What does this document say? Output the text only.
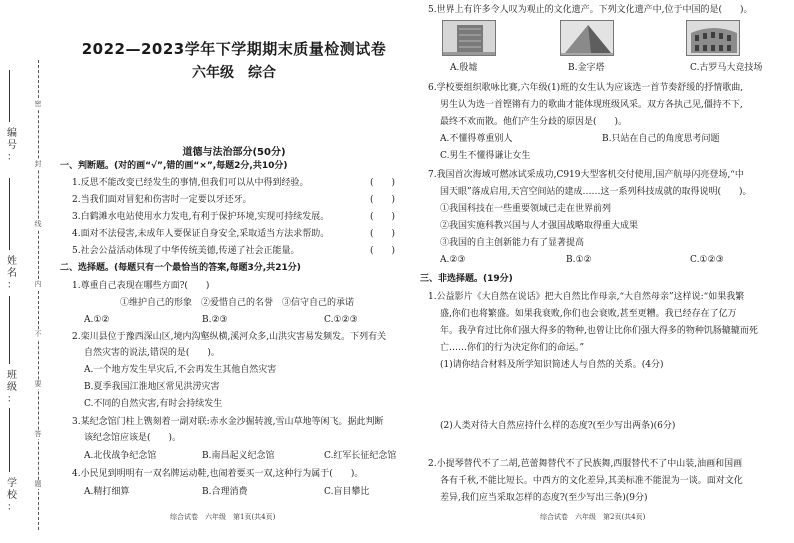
编
号
：
姓
名
：
班
级
：
学
校
：
密
封
线
内
不
要
答
题
2022—2023学年下学期期末质量检测试卷
六年级　综合
道德与法治部分(50分)
一、判断题。(对的画“√”,错的画“×”,每题2分,共10分)
1.反思不能改变已经发生的事情,但我们可以从中得到经验。	(　　)
2.当我们面对冒犯和伤害时一定要以牙还牙。	(　　)
3.白鹤滩水电站使用水力发电,有利于保护环境,实现可持续发展。	(　　)
4.面对不法侵害,未成年人要保证自身安全,采取适当方法求帮助。	(　　)
5.社会公益活动体现了中华传统美德,传递了社会正能量。	(　　)
二、选择题。(每题只有一个最恰当的答案,每题3分,共21分)
1.尊重自己表现在哪些方面?(　　)
①维护自己的形象　②爱惜自己的名誉　③信守自己的承诺
A.①②	B.②③	C.①②③
2.栾川县位于豫西深山区,境内沟壑纵横,溪河众多,山洪灾害易发频发。下列有关
自然灾害的说法,错误的是(　　)。
A.一个地方发生旱灾后,不会再发生其他自然灾害
B.夏季我国江淮地区常见洪涝灾害
C.不同的自然灾害,有时会持续发生
3.某纪念馆门柱上镌刻着一副对联:赤水金沙掘转渡,雪山草地等闲飞。据此判断
该纪念馆应该是(　　)。
A.北伐战争纪念馆	B.南昌起义纪念馆	C.红军长征纪念馆
4.小民见到明明有一双名牌运动鞋,也闹着要买一双,这种行为属于(　　)。
A.精打细算	B.合理消费	C.盲目攀比
综合试卷　六年级　第1页(共4页)
5.世界上有许多令人叹为观止的文化遗产。下列文化遗产中,位于中国的是(　　)。
A.殷墟	B.金字塔	C.古罗马大竞技场
6.学校要组织歌咏比赛,六年级(1)班的女生认为应该选一首节奏舒缓的抒情歌曲,
男生认为选一首铿锵有力的歌曲才能体现班级风采。双方各执己见,僵持不下,
最终不欢而散。他们产生分歧的原因是(　　)。
A.不懂得尊重别人	B.只站在自己的角度思考问题
C.男生不懂得谦让女生
7.我国首次海域可燃冰试采成功,C919大型客机交付使用,国产航母闪亮登场,“中
国天眼”落成启用,天宫空间站的建成……这一系列科技成就的取得说明(　　)。
①我国科技在一些重要领域已走在世界前列
②我国实施科教兴国与人才强国战略取得重大成果
③我国的自主创新能力有了显著提高
A.②③	B.①②	C.①②③
三、非选择题。(19分)
1.公益影片《大自然在说话》把大自然比作母亲,“大自然母亲”这样说:“如果我繁
盛,你们也将繁盛。如果我衰败,你们也会衰败,甚至更糟。我已经存在了亿万
年。我孕育过比你们强大得多的物种,也曾让比你们强大得多的物种饥肠辘辘而死
亡……你们的行为决定你们的命运。”
(1)请你结合材料及所学知识简述人与自然的关系。(4分)
(2)人类对待大自然应持什么样的态度?(至少写出两条)(6分)
2.小提琴替代不了二胡,芭蕾舞替代不了民族舞,西服替代不了中山装,油画和国画
各有千秋,不能比短长。中西方的文化差异,其美标准不能混为一谈。面对文化
差异,我们应当采取怎样的态度?(至少写出三条)(9分)
综合试卷　六年级　第2页(共4页)
